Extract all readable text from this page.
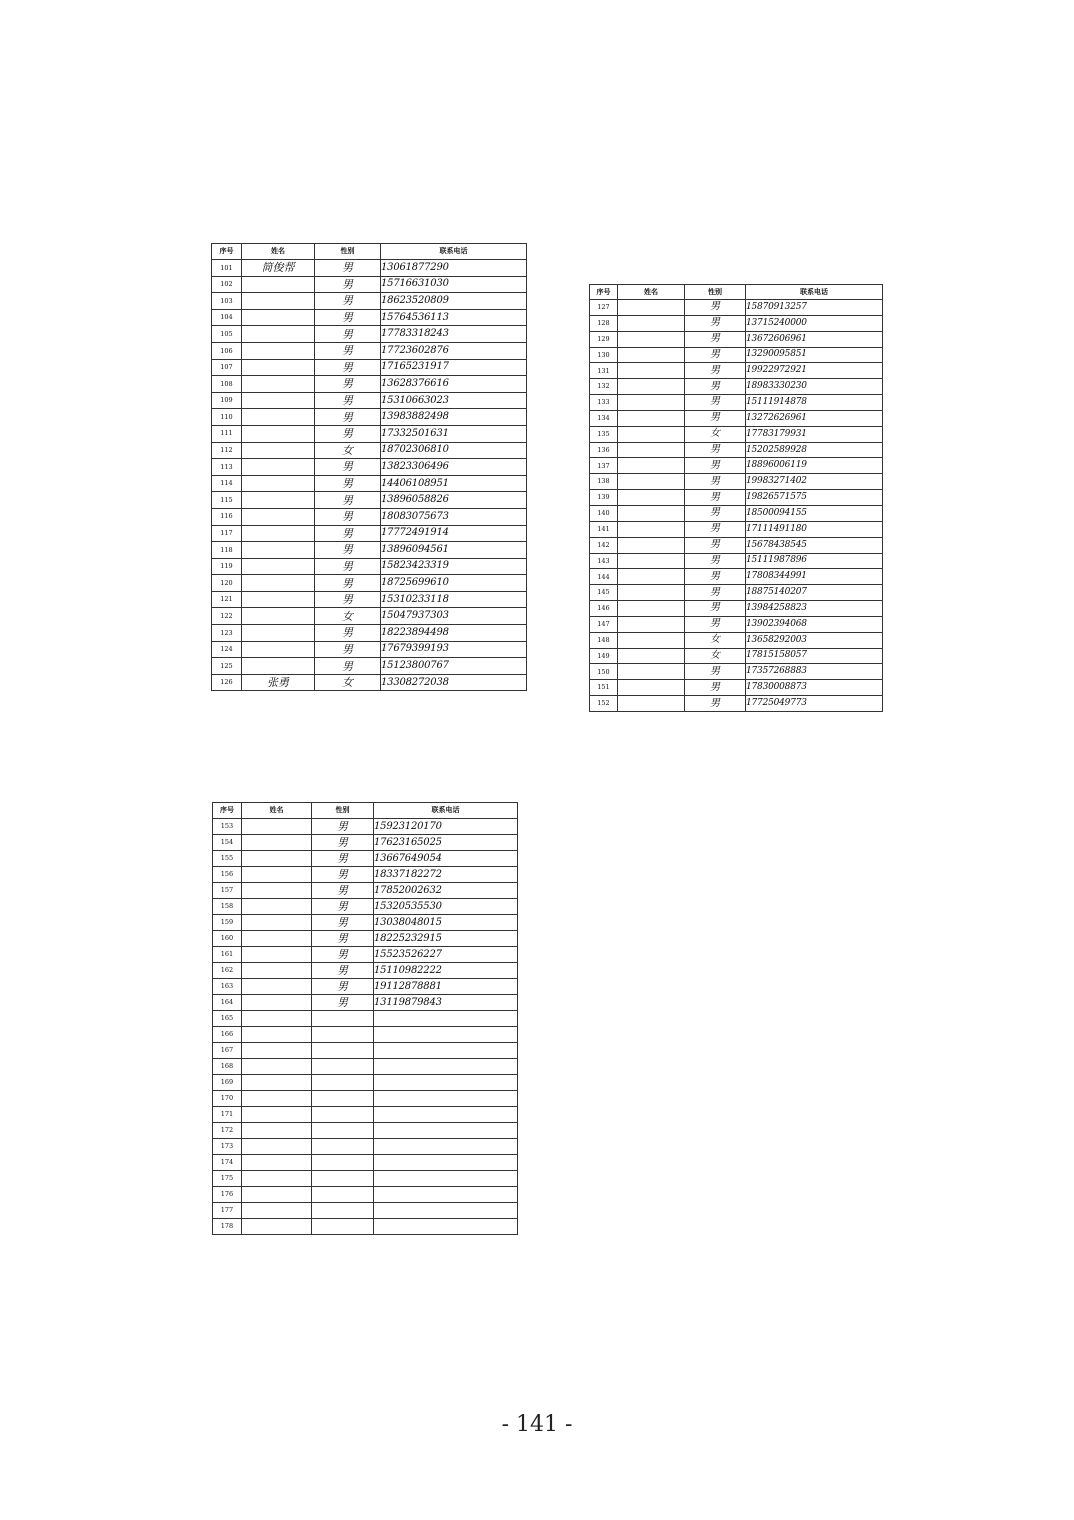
序号	姓名	性别	联系电话
101	简俊帮	男	13061877290
102		男	15716631030
103		男	18623520809
104		男	15764536113
105		男	17783318243
106		男	17723602876
107		男	17165231917
108		男	13628376616
109		男	15310663023
110		男	13983882498
111		男	17332501631
112		女	18702306810
113		男	13823306496
114		男	14406108951
115		男	13896058826
116		男	18083075673
117		男	17772491914
118		男	13896094561
119		男	15823423319
120		男	18725699610
121		男	15310233118
122		女	15047937303
123		男	18223894498
124		男	17679399193
125		男	15123800767
126	张勇	女	13308272038
序号	姓名	性别	联系电话
127		男	15870913257
128		男	13715240000
129		男	13672606961
130		男	13290095851
131		男	19922972921
132		男	18983330230
133		男	15111914878
134		男	13272626961
135		女	17783179931
136		男	15202589928
137		男	18896006119
138		男	19983271402
139		男	19826571575
140		男	18500094155
141		男	17111491180
142		男	15678438545
143		男	15111987896
144		男	17808344991
145		男	18875140207
146		男	13984258823
147		男	13902394068
148		女	13658292003
149		女	17815158057
150		男	17357268883
151		男	17830008873
152		男	17725049773
序号	姓名	性别	联系电话
153		男	15923120170
154		男	17623165025
155		男	13667649054
156		男	18337182272
157		男	17852002632
158		男	15320535530
159		男	13038048015
160		男	18225232915
161		男	15523526227
162		男	15110982222
163		男	19112878881
164		男	13119879843
165			
166			
167			
168			
169			
170			
171			
172			
173			
174			
175			
176			
177			
178			
- 141 -
